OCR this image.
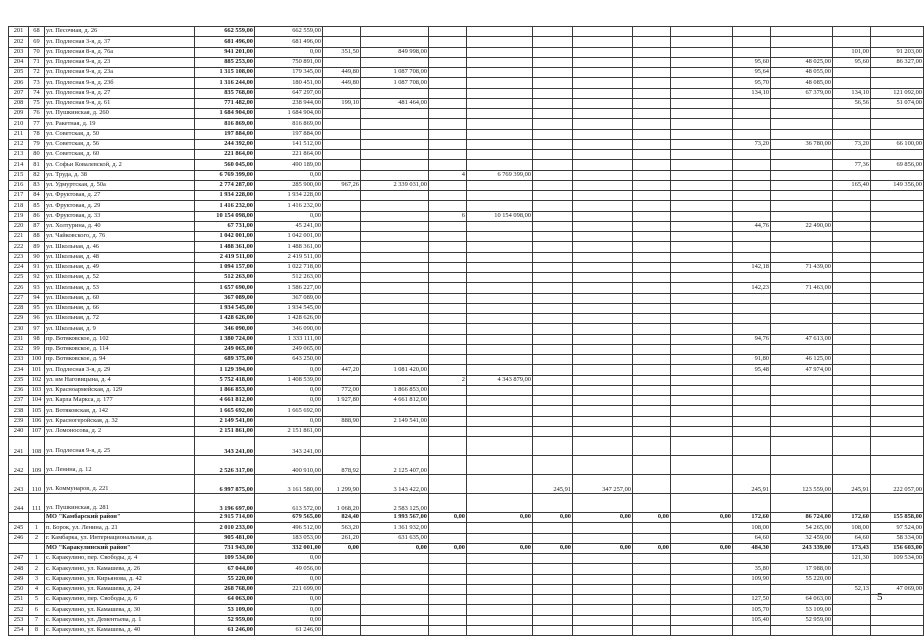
201	68	ул. Песочная, д. 26	662 559,00	662 559,00												
202	69	ул. Подлесная 3-я, д. 37	681 496,00	681 496,00												
203	70	ул. Подлесная 8-я, д. 76а	941 201,00	0,00	351,50	849 998,00									101,00	91 203,00
204	71	ул. Подлесная 9-я, д. 23	885 253,00	750 891,00									95,60	48 025,00	95,60	86 327,00
205	72	ул. Подлесная 9-я, д. 23а	1 315 108,00	179 345,00	449,80	1 087 708,00							95,64	48 055,00		
206	73	ул. Подлесная 9-я, д. 23б	1 316 244,00	180 451,00	449,80	1 087 708,00							95,70	48 085,00		
207	74	ул. Подлесная 9-я, д. 27	835 768,00	647 297,00									134,10	67 379,00	134,10	121 092,00
208	75	ул. Подлесная 9-я, д. 61	771 482,00	238 944,00	199,10	481 464,00									56,56	51 074,00
209	76	ул. Пушкинская, д. 260	1 684 904,00	1 684 904,00												
210	77	ул. Ракетная, д. 19	816 869,00	816 869,00												
211	78	ул. Советская, д. 50	197 884,00	197 884,00												
212	79	ул. Советская, д. 56	244 392,00	141 512,00									73,20	36 780,00	73,20	66 100,00
213	80	ул. Советская, д. 60	221 864,00	221 864,00												
214	81	ул. Софьи Ковалевской, д. 2	560 045,00	490 189,00											77,36	69 856,00
215	82	ул. Труда, д. 38	6 769 399,00	0,00			4	6 769 399,00								
216	83	ул. Удмуртская, д. 50а	2 774 287,00	285 900,00	967,26	2 339 031,00									165,40	149 356,00
217	84	ул. Фруктовая, д. 27	1 934 228,00	1 934 228,00												
218	85	ул. Фруктовая, д. 29	1 416 232,00	1 416 232,00												
219	86	ул. Фруктовая, д. 33	10 154 098,00	0,00			6	10 154 098,00								
220	87	ул. Холтурина, д. 40	67 731,00	45 241,00									44,76	22 490,00		
221	88	ул. Чайковского, д. 76	1 042 001,00	1 042 001,00												
222	89	ул. Школьная, д. 46	1 488 361,00	1 488 361,00												
223	90	ул. Школьная, д. 48	2 419 511,00	2 419 511,00												
224	91	ул. Школьная, д. 49	1 094 157,00	1 022 718,00									142,18	71 439,00		
225	92	ул. Школьная, д. 52	512 263,00	512 263,00												
226	93	ул. Школьная, д. 53	1 657 690,00	1 586 227,00									142,23	71 463,00		
227	94	ул. Школьная, д. 60	367 089,00	367 089,00												
228	95	ул. Школьная, д. 66	1 934 545,00	1 934 545,00												
229	96	ул. Школьная, д. 72	1 428 626,00	1 428 626,00												
230	97	ул. Школьная, д. 9	346 090,00	346 090,00												
231	98	пр. Вотяковское, д. 102	1 380 724,00	1 333 111,00									94,76	47 613,00		
232	99	пр. Вотяковское, д. 114	249 065,00	249 065,00												
233	100	пр. Вотяковское, д. 94	689 375,00	643 250,00									91,80	46 125,00		
234	101	ул. Подлесная 3-я, д. 29	1 129 394,00	0,00	447,20	1 081 420,00							95,48	47 974,00		
235	102	ул. им Наговицына, д. 4	5 752 418,00	1 408 539,00			2	4 343 879,00								
236	103	ул. Красноармейская, д. 129	1 866 853,00	0,00	772,00	1 866 853,00										
237	104	ул. Карла Маркса, д. 177	4 661 812,00	0,00	1 927,80	4 661 812,00										
238	105	ул. Вотяковская, д. 142	1 665 692,00	1 665 692,00												
239	106	ул. Красногеройская, д. 32	2 149 541,00	0,00	888,90	2 149 541,00										
240	107	ул. Ломоносова, д. 2	2 151 861,00	2 151 861,00												
241	108	ул. Подлесная 9-я, д. 25	343 241,00	343 241,00												
242	109	ул. Ленина, д. 12	2 526 317,00	400 910,00	878,92	2 125 407,00										
243	110	ул. Коммунаров, д. 221	6 997 875,00	3 161 580,00	1 299,90	3 143 422,00			245,91	347 257,00			245,91	123 559,00	245,91	222 057,00
244	111	ул. Пушкинская, д. 281	3 196 697,00	613 572,00	1 068,20	2 583 125,00										
		МО "Камбарский район"	2 915 714,00	679 565,00	824,40	1 993 567,00	0,00	0,00	0,00	0,00	0,00	0,00	172,60	86 724,00	172,60	155 858,00
245	1	п. Борок, ул. Ленина, д. 21	2 010 233,00	496 512,00	563,20	1 361 932,00							108,00	54 265,00	108,00	97 524,00
246	2	г. Камбарка, ул. Интернациональная, д.	905 481,00	183 053,00	261,20	631 635,00							64,60	32 459,00	64,60	58 334,00
		МО "Каракулинский район"	731 943,00	332 001,00	0,00	0,00	0,00	0,00	0,00	0,00	0,00	0,00	484,30	243 339,00	173,43	156 603,00
247	1	с. Каракулино, пер. Свободы, д. 4	109 534,00	0,00											121,30	109 534,00
248	2	с. Каракулино, ул. Камашева, д. 26	67 044,00	49 056,00									35,80	17 988,00		
249	3	с. Каракулино, ул. Кирьянова, д. 42	55 220,00	0,00									109,90	55 220,00		
250	4	с. Каракулино, ул. Камашева, д. 24	268 768,00	221 699,00											52,13	47 069,00
251	5	с. Каракулино, пер. Свободы, д. 6	64 063,00	0,00									127,50	64 063,00		
252	6	с. Каракулино, ул. Камашева, д. 30	53 109,00	0,00									105,70	53 109,00		
253	7	с. Каракулино, ул. Дементьева, д. 1	52 959,00	0,00									105,40	52 959,00		
254	8	с. Каракулино, ул. Камашева, д. 40	61 246,00	61 246,00												
5
